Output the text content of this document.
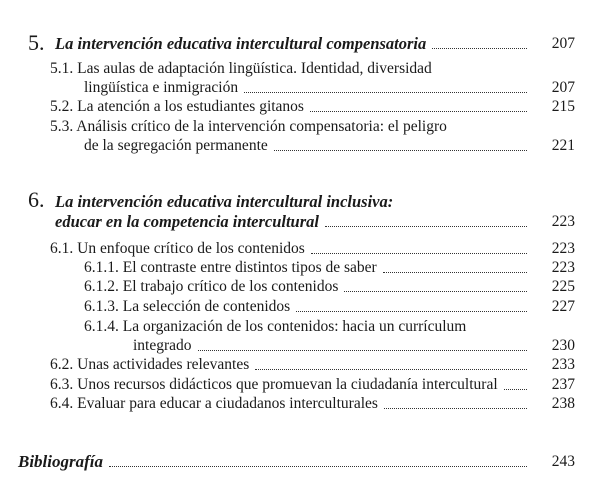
5. La intervención educativa intercultural compensatoria	207
5.1. Las aulas de adaptación lingüística. Identidad, diversidad
lingüística e inmigración	207
5.2. La atención a los estudiantes gitanos	215
5.3. Análisis crítico de la intervención compensatoria: el peligro
de la segregación permanente	221
6. La intervención educativa intercultural inclusiva:
educar en la competencia intercultural	223
6.1. Un enfoque crítico de los contenidos	223
6.1.1. El contraste entre distintos tipos de saber	223
6.1.2. El trabajo crítico de los contenidos	225
6.1.3. La selección de contenidos	227
6.1.4. La organización de los contenidos: hacia un currículum
integrado	230
6.2. Unas actividades relevantes	233
6.3. Unos recursos didácticos que promuevan la ciudadanía intercultural	237
6.4. Evaluar para educar a ciudadanos interculturales	238
Bibliografía	243
